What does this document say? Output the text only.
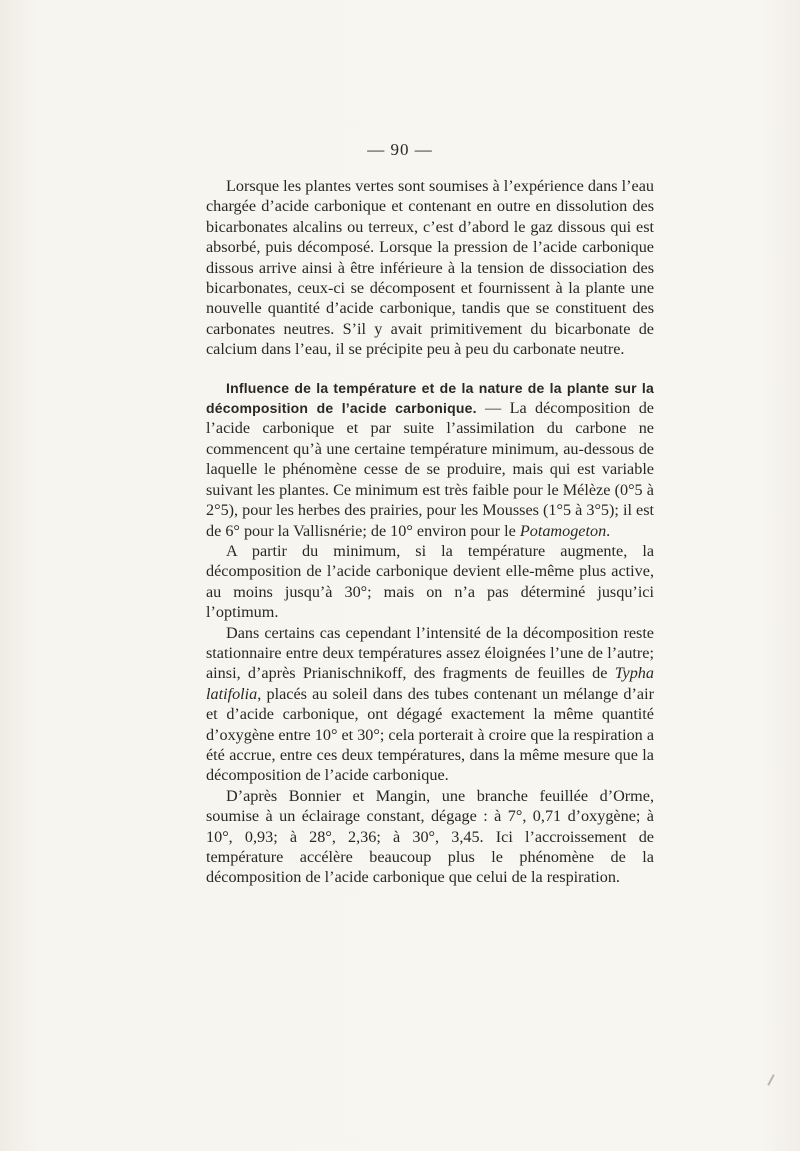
— 90 —

Lorsque les plantes vertes sont soumises à l’expérience dans l’eau chargée d’acide carbonique et contenant en outre en dissolution des bicarbonates alcalins ou terreux, c’est d’abord le gaz dissous qui est absorbé, puis décomposé. Lorsque la pression de l’acide carbonique dissous arrive ainsi à être inférieure à la tension de dissociation des bicarbonates, ceux-ci se décomposent et fournissent à la plante une nouvelle quantité d’acide carbonique, tandis que se constituent des carbonates neutres. S’il y avait primitivement du bicarbonate de calcium dans l’eau, il se précipite peu à peu du carbonate neutre.

Influence de la température et de la nature de la plante sur la décomposition de l’acide carbonique. — La décomposition de l’acide carbonique et par suite l’assimilation du carbone ne commencent qu’à une certaine température minimum, au-dessous de laquelle le phénomène cesse de se produire, mais qui est variable suivant les plantes. Ce minimum est très faible pour le Mélèze (0°5 à 2°5), pour les herbes des prairies, pour les Mousses (1°5 à 3°5); il est de 6° pour la Vallisnérie; de 10° environ pour le Potamogeton.

A partir du minimum, si la température augmente, la décomposition de l’acide carbonique devient elle-même plus active, au moins jusqu’à 30°; mais on n’a pas déterminé jusqu’ici l’optimum.

Dans certains cas cependant l’intensité de la décomposition reste stationnaire entre deux températures assez éloignées l’une de l’autre; ainsi, d’après Prianischnikoff, des fragments de feuilles de Typha latifolia, placés au soleil dans des tubes contenant un mélange d’air et d’acide carbonique, ont dégagé exactement la même quantité d’oxygène entre 10° et 30°; cela porterait à croire que la respiration a été accrue, entre ces deux températures, dans la même mesure que la décomposition de l’acide carbonique.

D’après Bonnier et Mangin, une branche feuillée d’Orme, soumise à un éclairage constant, dégage : à 7°, 0,71 d’oxygène; à 10°, 0,93; à 28°, 2,36; à 30°, 3,45. Ici l’accroissement de température accélère beaucoup plus le phénomène de la décomposition de l’acide carbonique que celui de la respiration.
